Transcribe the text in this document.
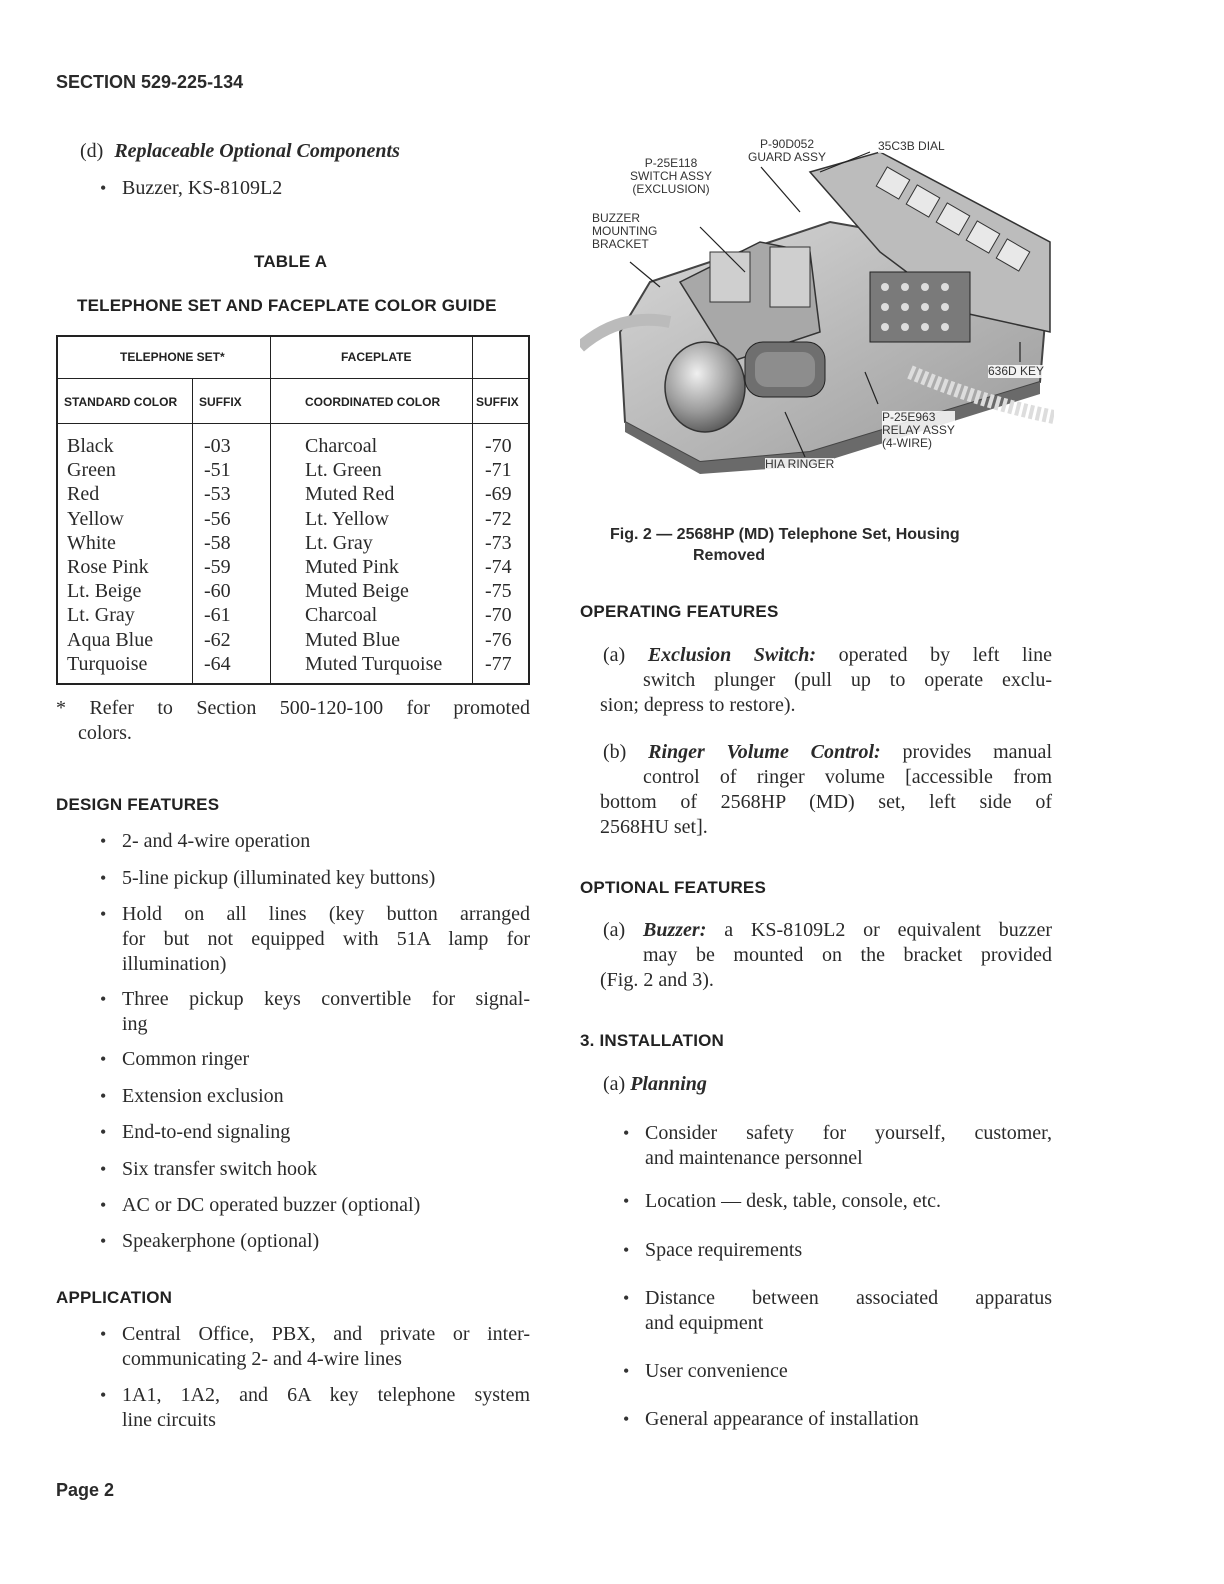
SECTION 529-225-134
(d) Replaceable Optional Components
• Buzzer, KS-8109L2
TABLE A
TELEPHONE SET AND FACEPLATE COLOR GUIDE
TELEPHONE SET*	FACEPLATE
STANDARD COLOR SUFFIX	COORDINATED COLOR	SUFFIX
Black	-03	Charcoal	-70
Green	-51	Lt. Green	-71
Red	-53	Muted Red	-69
Yellow	-56	Lt. Yellow	-72
White	-58	Lt. Gray	-73
Rose Pink	-59	Muted Pink	-74
Lt. Beige	-60	Muted Beige	-75
Lt. Gray	-61	Charcoal	-70
Aqua Blue	-62	Muted Blue	-76
Turquoise	-64	Muted Turquoise -77
* Refer to Section 500-120-100 for promoted
colors.
DESIGN FEATURES
• 2- and 4-wire operation
• 5-line pickup (illuminated key buttons)
• Hold on all lines (key button arranged
for but not equipped with 51A lamp for
illumination)
• Three pickup keys convertible for signal-
ing
• Common ringer
• Extension exclusion
• End-to-end signaling
• Six transfer switch hook
• AC or DC operated buzzer (optional)
• Speakerphone (optional)
APPLICATION
• Central Office, PBX, and private or inter-
communicating 2- and 4-wire lines
• 1A1, 1A2, and 6A key telephone system
line circuits
P-90D052
GUARD ASSY
P-25E118
SWITCH ASSY
(EXCLUSION)
BUZZER
MOUNTING
BRACKET
35C3B DIAL
636D KEY
P-25E963
RELAY ASSY
(4-WIRE)
HIA RINGER
Fig. 2 — 2568HP (MD) Telephone Set, Housing
Removed
OPERATING FEATURES
(a) Exclusion Switch: operated by left line
switch plunger (pull up to operate exclu-
sion; depress to restore).
(b) Ringer Volume Control: provides manual
control of ringer volume [accessible from
bottom of 2568HP (MD) set, left side of
2568HU set].
OPTIONAL FEATURES
(a) Buzzer: a KS-8109L2 or equivalent buzzer
may be mounted on the bracket provided
(Fig. 2 and 3).
3. INSTALLATION
(a) Planning
• Consider safety for yourself, customer,
and maintenance personnel
• Location — desk, table, console, etc.
• Space requirements
• Distance between associated apparatus
and equipment
• User convenience
• General appearance of installation
Page 2
